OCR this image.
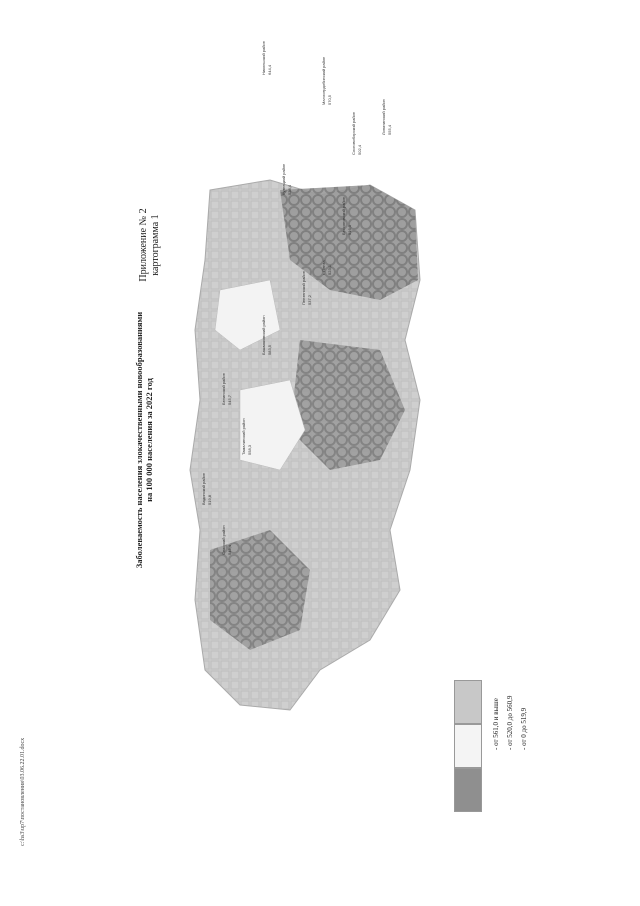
Приложение № 2 картограмма 1
Заболеваемость населения злокачественными новообразованиями на 100 000 населения за 2022 год
Спасский район 545,4
Вадинский район 519,8
Тамалинский район 558,3
Белинский район 545,7
Башмаковский район 583,5
Пензенский район 537,2
г. Пенза 523,1
Бессоновский район 516,0
Кузнецкий район 528,4
Сосновоборский район 502,4
Лопатинский район 555,4
Малосердобинский район 570,5
Никольский район 644,4
- от 561,0 и выше - от 520,0 до 560,9 - от 0 до 519,9
c:\hs3\up7\постановления\03.06.22.01.docx
